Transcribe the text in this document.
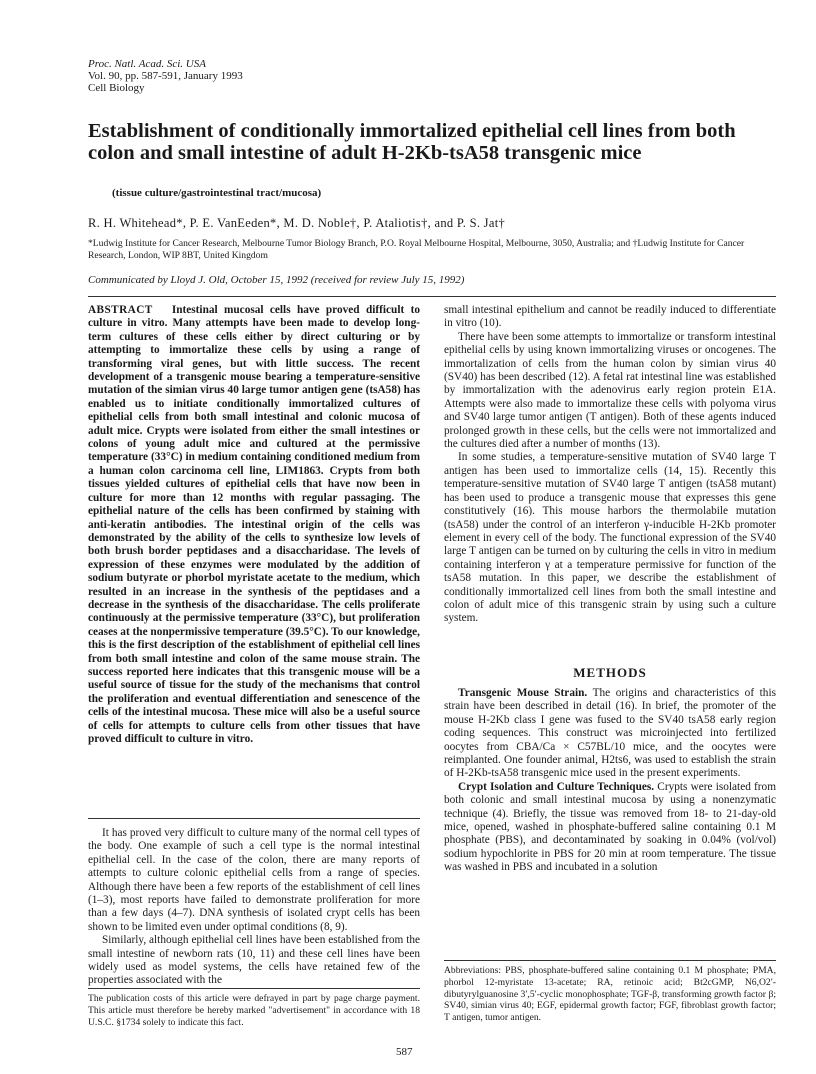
Proc. Natl. Acad. Sci. USA
Vol. 90, pp. 587-591, January 1993
Cell Biology
Establishment of conditionally immortalized epithelial cell lines from both colon and small intestine of adult H-2Kb-tsA58 transgenic mice
(tissue culture/gastrointestinal tract/mucosa)
R. H. Whitehead*, P. E. VanEeden*, M. D. Noble†, P. Ataliotis†, and P. S. Jat†
*Ludwig Institute for Cancer Research, Melbourne Tumor Biology Branch, P.O. Royal Melbourne Hospital, Melbourne, 3050, Australia; and †Ludwig Institute for Cancer Research, London, WIP 8BT, United Kingdom
Communicated by Lloyd J. Old, October 15, 1992 (received for review July 15, 1992)

ABSTRACT Intestinal mucosal cells have proved difficult to culture in vitro. Many attempts have been made to develop long-term cultures of these cells either by direct culturing or by attempting to immortalize these cells by using a range of transforming viral genes, but with little success. The recent development of a transgenic mouse bearing a temperature-sensitive mutation of the simian virus 40 large tumor antigen gene (tsA58) has enabled us to initiate conditionally immortalized cultures of epithelial cells from both small intestinal and colonic mucosa of adult mice. Crypts were isolated from either the small intestines or colons of young adult mice and cultured at the permissive temperature (33°C) in medium containing conditioned medium from a human colon carcinoma cell line, LIM1863. Crypts from both tissues yielded cultures of epithelial cells that have now been in culture for more than 12 months with regular passaging. The epithelial nature of the cells has been confirmed by staining with anti-keratin antibodies. The intestinal origin of the cells was demonstrated by the ability of the cells to synthesize low levels of both brush border peptidases and a disaccharidase. The levels of expression of these enzymes were modulated by the addition of sodium butyrate or phorbol myristate acetate to the medium, which resulted in an increase in the synthesis of the peptidases and a decrease in the synthesis of the disaccharidase. The cells proliferate continuously at the permissive temperature (33°C), but proliferation ceases at the nonpermissive temperature (39.5°C). To our knowledge, this is the first description of the establishment of epithelial cell lines from both small intestine and colon of the same mouse strain. The success reported here indicates that this transgenic mouse will be a useful source of tissue for the study of the mechanisms that control the proliferation and eventual differentiation and senescence of the cells of the intestinal mucosa. These mice will also be a useful source of cells for attempts to culture cells from other tissues that have proved difficult to culture in vitro.

It has proved very difficult to culture many of the normal cell types of the body. One example of such a cell type is the normal intestinal epithelial cell. In the case of the colon, there are many reports of attempts to culture colonic epithelial cells from a range of species. Although there have been a few reports of the establishment of cell lines (1–3), most reports have failed to demonstrate proliferation for more than a few days (4–7). DNA synthesis of isolated crypt cells has been shown to be limited even under optimal conditions (8, 9).

Similarly, although epithelial cell lines have been established from the small intestine of newborn rats (10, 11) and these cell lines have been widely used as model systems, the cells have retained few of the properties associated with the

small intestinal epithelium and cannot be readily induced to differentiate in vitro (10).

There have been some attempts to immortalize or transform intestinal epithelial cells by using known immortalizing viruses or oncogenes. The immortalization of cells from the human colon by simian virus 40 (SV40) has been described (12). A fetal rat intestinal line was established by immortalization with the adenovirus early region protein E1A. Attempts were also made to immortalize these cells with polyoma virus and SV40 large tumor antigen (T antigen). Both of these agents induced prolonged growth in these cells, but the cells were not immortalized and the cultures died after a number of months (13).

In some studies, a temperature-sensitive mutation of SV40 large T antigen has been used to immortalize cells (14, 15). Recently this temperature-sensitive mutation of SV40 large T antigen (tsA58 mutant) has been used to produce a transgenic mouse that expresses this gene constitutively (16). This mouse harbors the thermolabile mutation (tsA58) under the control of an interferon γ-inducible H-2Kb promoter element in every cell of the body. The functional expression of the SV40 large T antigen can be turned on by culturing the cells in vitro in medium containing interferon γ at a temperature permissive for function of the tsA58 mutation. In this paper, we describe the establishment of conditionally immortalized cell lines from both the small intestine and colon of adult mice of this transgenic strain by using such a culture system.

METHODS

Transgenic Mouse Strain. The origins and characteristics of this strain have been described in detail (16). In brief, the promoter of the mouse H-2Kb class I gene was fused to the SV40 tsA58 early region coding sequences. This construct was microinjected into fertilized oocytes from CBA/Ca × C57BL/10 mice, and the oocytes were reimplanted. One founder animal, H2ts6, was used to establish the strain of H-2Kb-tsA58 transgenic mice used in the present experiments.

Crypt Isolation and Culture Techniques. Crypts were isolated from both colonic and small intestinal mucosa by using a nonenzymatic technique (4). Briefly, the tissue was removed from 18- to 21-day-old mice, opened, washed in phosphate-buffered saline containing 0.1 M phosphate (PBS), and decontaminated by soaking in 0.04% (vol/vol) sodium hypochlorite in PBS for 20 min at room temperature. The tissue was washed in PBS and incubated in a solution

Abbreviations: PBS, phosphate-buffered saline containing 0.1 M phosphate; PMA, phorbol 12-myristate 13-acetate; RA, retinoic acid; Bt2cGMP, N6,O2′-dibutyrylguanosine 3′,5′-cyclic monophosphate; TGF-β, transforming growth factor β; SV40, simian virus 40; EGF, epidermal growth factor; FGF, fibroblast growth factor; T antigen, tumor antigen.
The publication costs of this article were defrayed in part by page charge payment. This article must therefore be hereby marked "advertisement" in accordance with 18 U.S.C. §1734 solely to indicate this fact.
587
